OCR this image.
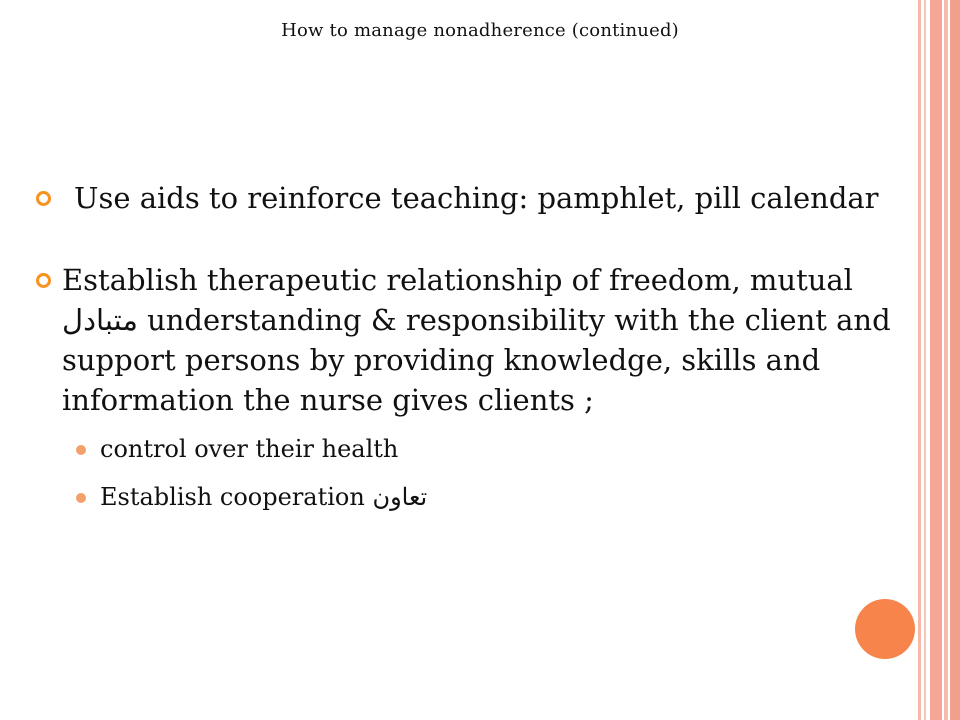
How to manage nonadherence (continued)
Use aids to reinforce teaching: pamphlet, pill calendar
Establish therapeutic relationship of freedom, mutual متبادل understanding & responsibility with the client and support persons by providing knowledge, skills and information the nurse gives clients ;
control over their health
Establish cooperation تعاون
